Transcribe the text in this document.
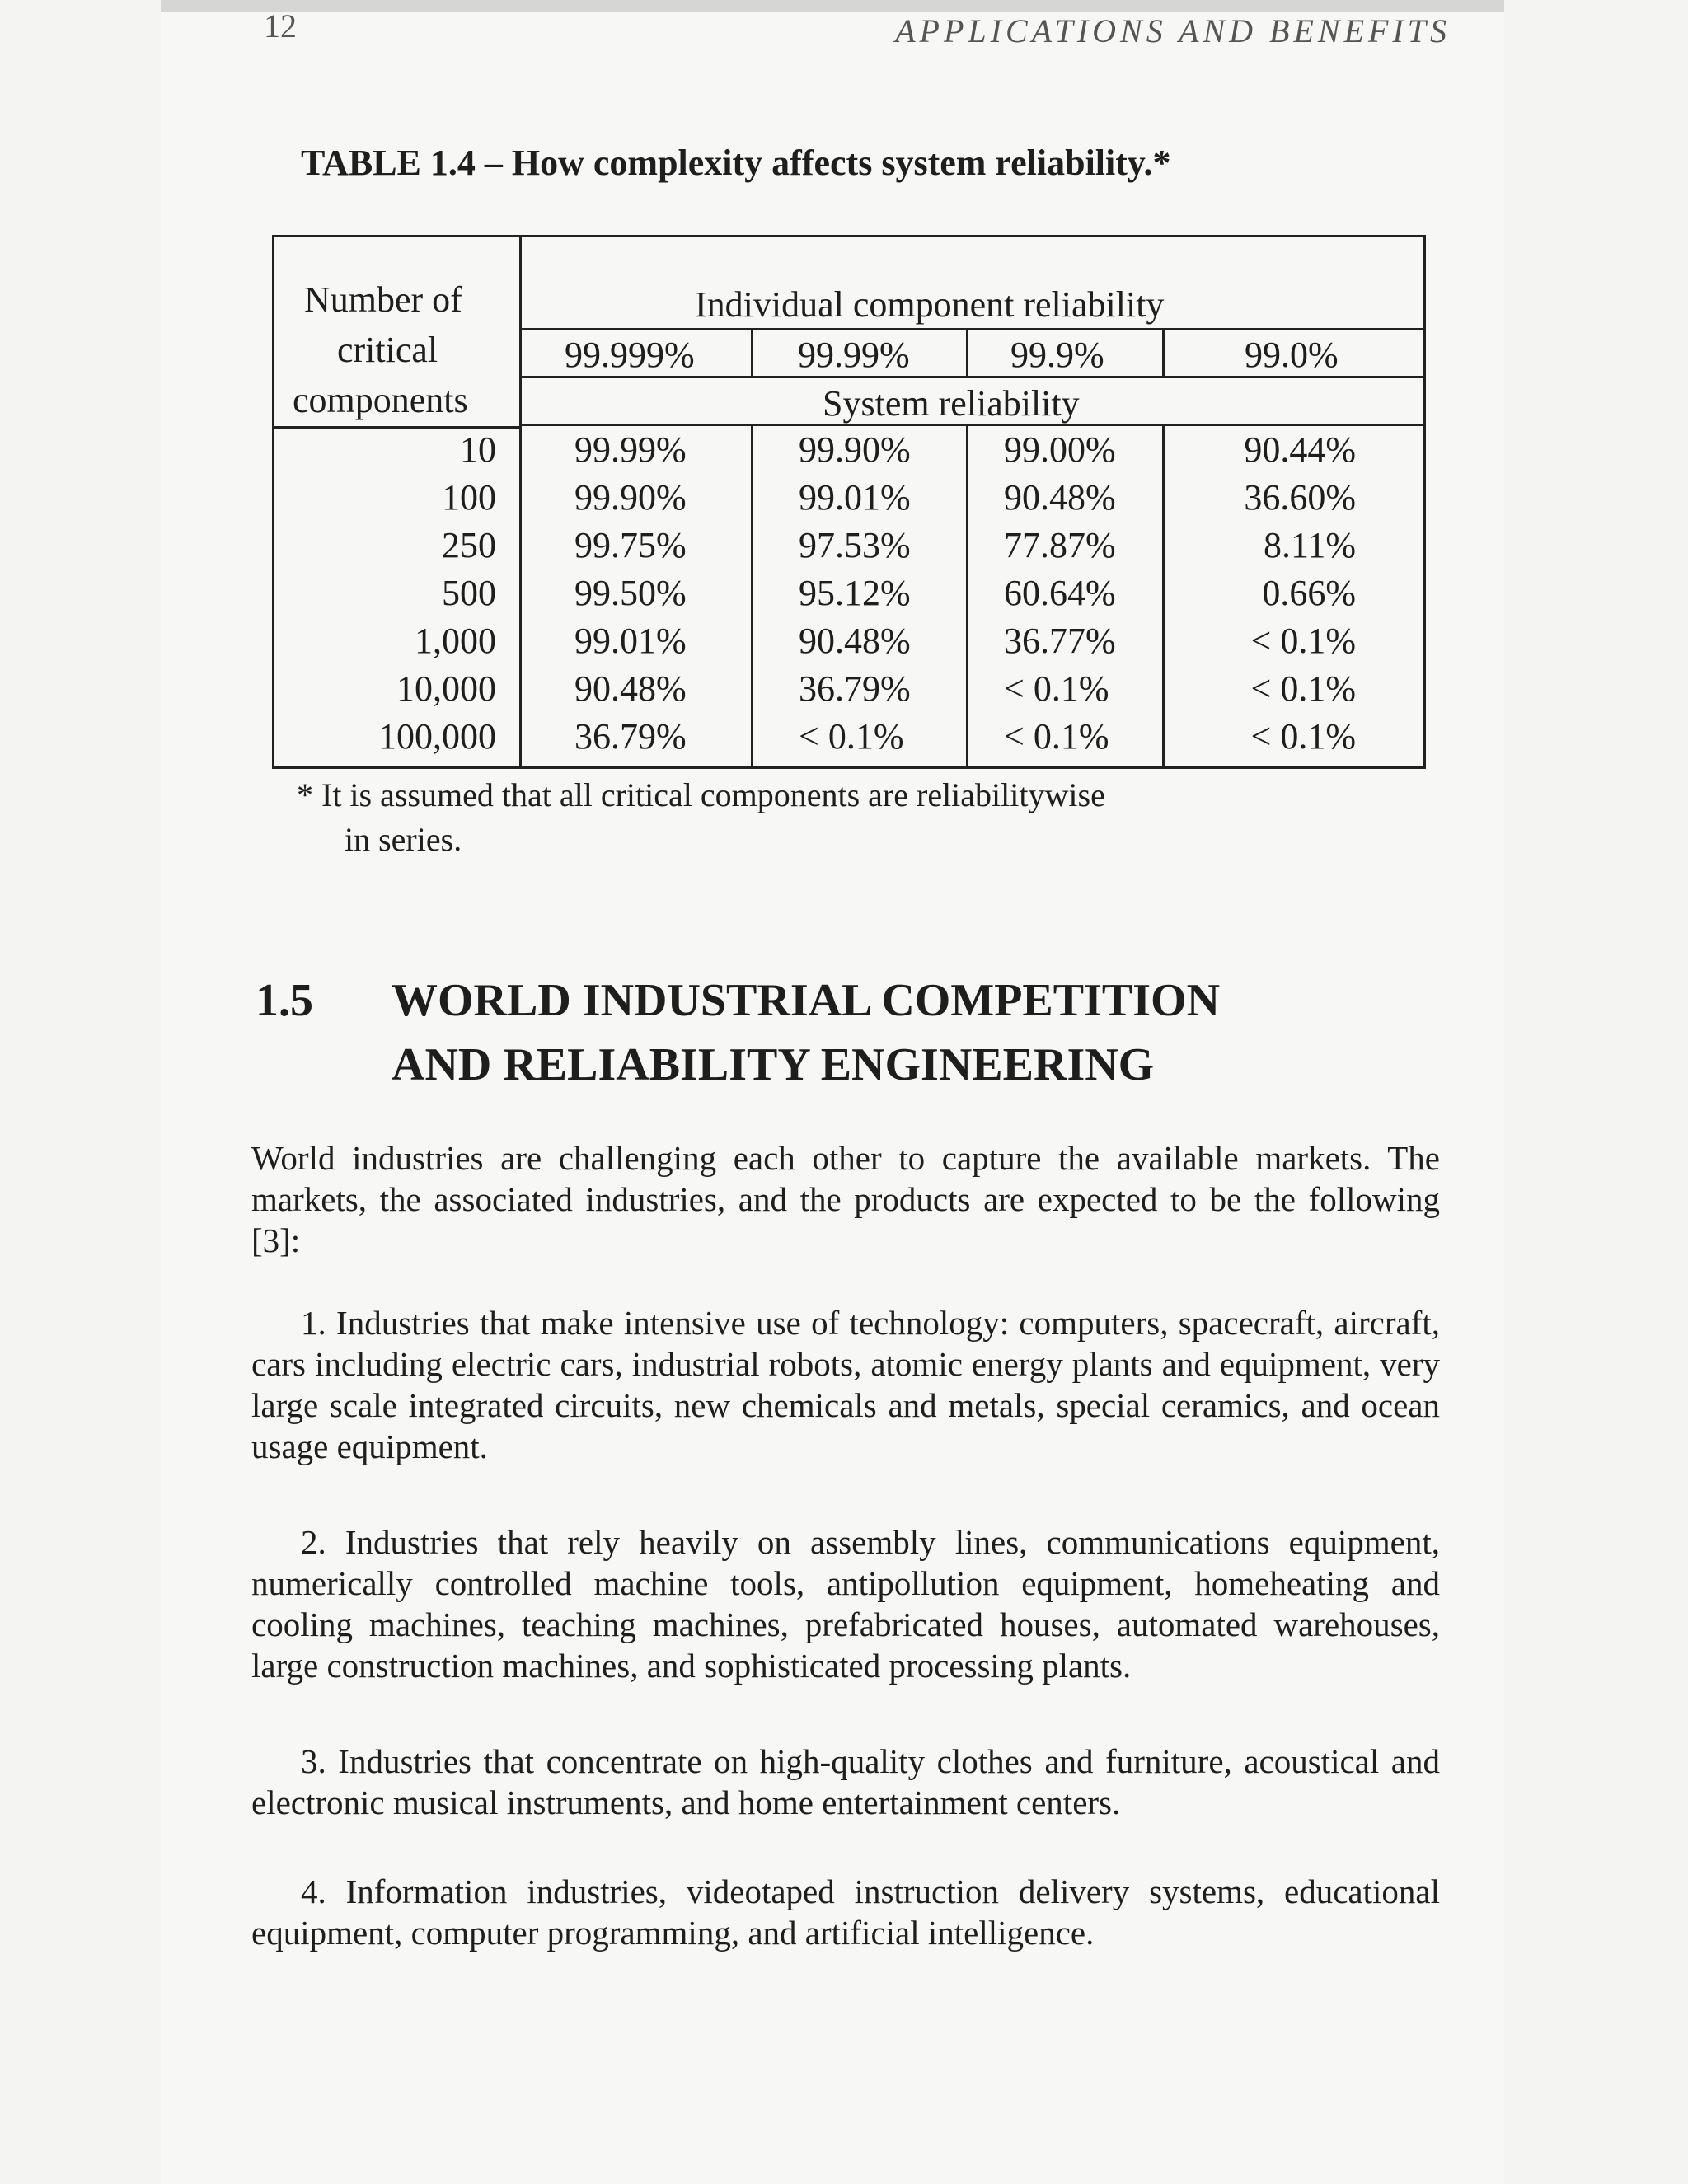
12	APPLICATIONS AND BENEFITS
TABLE 1.4 – How complexity affects system reliability.*
Number of
critical
components
Individual component reliability
99.999%	99.99%	99.9%	99.0%
System reliability
10 99.99%	99.90%	99.00%	90.44%
100 99.90%	99.01%	90.48%	36.60%
250 99.75%	97.53%	77.87%	8.11%
500 99.50%	95.12%	60.64%	0.66%
1,000 99.01%	90.48%	36.77%	< 0.1%
10,000 90.48%	36.79%	< 0.1%	< 0.1%
100,000 36.79%	< 0.1%	< 0.1%	< 0.1%
* It is assumed that all critical components are reliabilitywise
in series.
1.5 WORLD INDUSTRIAL COMPETITION
AND RELIABILITY ENGINEERING

World industries are challenging each other to capture the available markets. The markets, the associated industries, and the products are expected to be the following [3]:

1. Industries that make intensive use of technology: computers, spacecraft, aircraft, cars including electric cars, industrial robots, atomic energy plants and equipment, very large scale integrated circuits, new chemicals and metals, special ceramics, and ocean usage equipment.

2. Industries that rely heavily on assembly lines, communications equipment, numerically controlled machine tools, antipollution equipment, homeheating and cooling machines, teaching machines, prefabricated houses, automated warehouses, large construction machines, and sophisticated processing plants.

3. Industries that concentrate on high-quality clothes and furniture, acoustical and electronic musical instruments, and home entertainment centers.

4. Information industries, videotaped instruction delivery systems, educational equipment, computer programming, and artificial intelligence.
